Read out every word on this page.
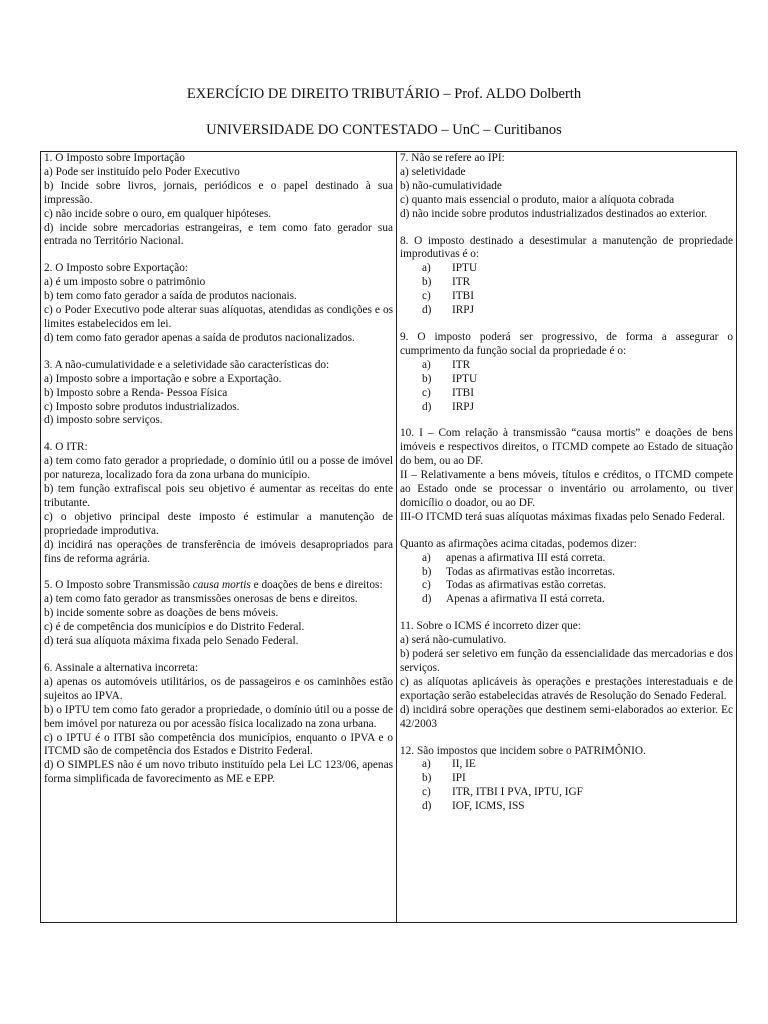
EXERCÍCIO DE DIREITO TRIBUTÁRIO – Prof. ALDO Dolberth
UNIVERSIDADE DO CONTESTADO – UnC – Curitibanos

1. O Imposto sobre Importação

a) Pode ser instituído pelo Poder Executivo

b) Incide sobre livros, jornais, periódicos e o papel destinado à sua impressão.

c) não incide sobre o ouro, em qualquer hipóteses.

d) incide sobre mercadorias estrangeiras, e tem como fato gerador sua entrada no Território Nacional.

2. O Imposto sobre Exportação:

a) é um imposto sobre o patrimônio

b) tem como fato gerador a saída de produtos nacionais.

c) o Poder Executivo pode alterar suas alíquotas, atendidas as condições e os limites estabelecidos em lei.

d) tem como fato gerador apenas a saída de produtos nacionalizados.

3. A não-cumulatividade e a seletividade são características do:

a) Imposto sobre a importação e sobre a Exportação.

b) Imposto sobre a Renda- Pessoa Física

c) Imposto sobre produtos industrializados.

d) imposto sobre serviços.

4. O ITR:

a) tem como fato gerador a propriedade, o domínio útil ou a posse de imóvel por natureza, localizado fora da zona urbana do município.

b) tem função extrafiscal pois seu objetivo é aumentar as receitas do ente tributante.

c) o objetivo principal deste imposto é estimular a manutenção de propriedade improdutiva.

d) incidirá nas operações de transferência de imóveis desapropriados para fins de reforma agrária.

5. O Imposto sobre Transmissão causa mortis e doações de bens e direitos:

a) tem como fato gerador as transmissões onerosas de bens e direitos.

b) incide somente sobre as doações de bens móveis.

c) é de competência dos municípios e do Distrito Federal.

d) terá sua alíquota máxima fixada pelo Senado Federal.

6. Assinale a alternativa incorreta:

a) apenas os automóveis utilitários, os de passageiros e os caminhões estão sujeitos ao IPVA.

b) o IPTU tem como fato gerador a propriedade, o domínio útil ou a posse de bem imóvel por natureza ou por acessão física localizado na zona urbana.

c) o IPTU é o ITBI são competência dos municípios, enquanto o IPVA e o ITCMD são de competência dos Estados e Distrito Federal.

d) O SIMPLES não é um novo tributo instituído pela Lei LC 123/06, apenas forma simplificada de favorecimento as ME e EPP.

7. Não se refere ao IPI:

a) seletividade

b) não-cumulatividade

c) quanto mais essencial o produto, maior a alíquota cobrada

d) não incide sobre produtos industrializados destinados ao exterior.

8. O imposto destinado a desestimular a manutenção de propriedade improdutivas é o:

a) IPTU

b) ITR

c) ITBI

d) IRPJ

9. O imposto poderá ser progressivo, de forma a assegurar o cumprimento da função social da propriedade é o:

a) ITR

b) IPTU

c) ITBI

d) IRPJ

10. I – Com relação à transmissão “causa mortis” e doações de bens imóveis e respectivos direitos, o ITCMD compete ao Estado de situação do bem, ou ao DF.

II – Relativamente a bens móveis, títulos e créditos, o ITCMD compete ao Estado onde se processar o inventário ou arrolamento, ou tiver domicílio o doador, ou ao DF.

III-O ITCMD terá suas alíquotas máximas fixadas pelo Senado Federal.

Quanto as afirmações acima citadas, podemos dizer:

a) apenas a afirmativa III está correta.

b) Todas as afirmativas estão incorretas.

c) Todas as afirmativas estão corretas.

d) Apenas a afirmativa II está correta.

11. Sobre o ICMS é incorreto dizer que:

a) será não-cumulativo.

b) poderá ser seletivo em função da essencialidade das mercadorias e dos serviços.

c) as alíquotas aplicáveis às operações e prestações interestaduais e de exportação serão estabelecidas através de Resolução do Senado Federal.

d) incidirá sobre operações que destinem semi-elaborados ao exterior. Ec 42/2003

12. São impostos que incidem sobre o PATRIMÔNIO.

a) II, IE

b) IPI

c) ITR, ITBI I PVA, IPTU, IGF

d) IOF, ICMS, ISS
